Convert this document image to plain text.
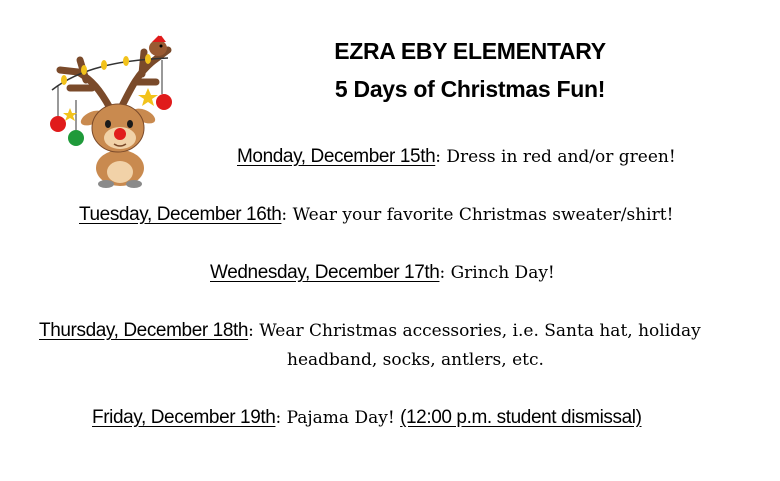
EZRA EBY ELEMENTARY
5 Days of Christmas Fun!
Monday, December 15th: Dress in red and/or green!
Tuesday, December 16th: Wear your favorite Christmas sweater/shirt!
Wednesday, December 17th: Grinch Day!
Thursday, December 18th: Wear Christmas accessories, i.e. Santa hat, holiday
headband, socks, antlers, etc.
Friday, December 19th: Pajama Day! (12:00 p.m. student dismissal)
